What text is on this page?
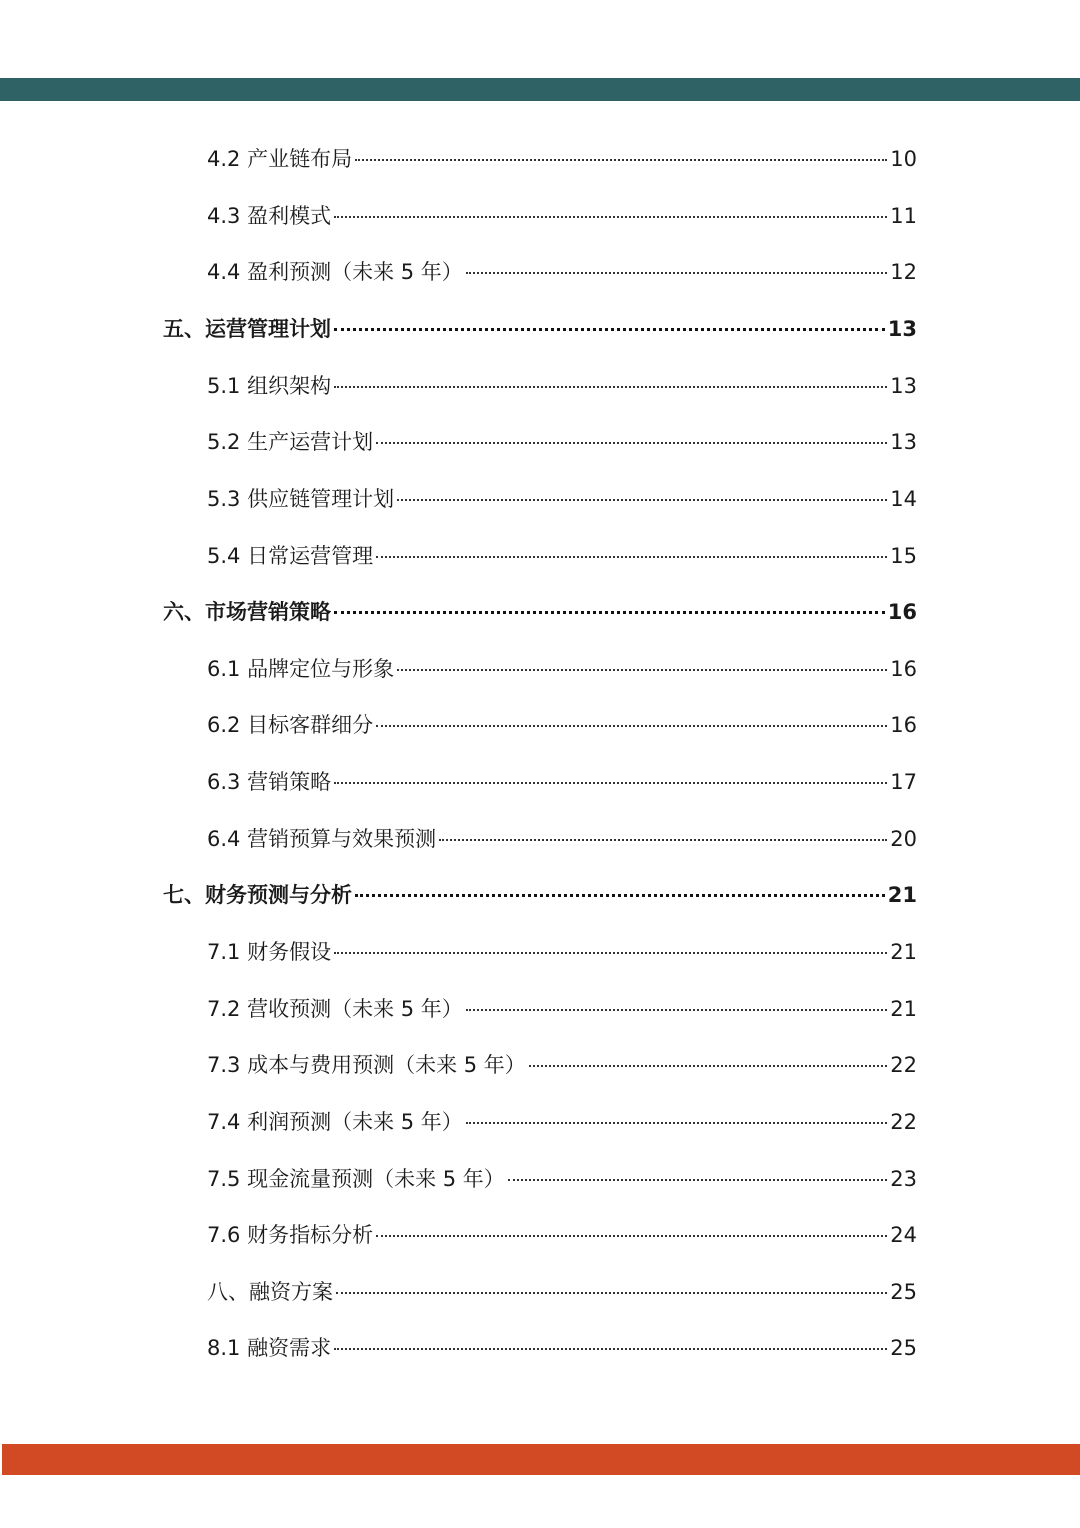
4.2 产业链布局	10
4.3 盈利模式	11
4.4 盈利预测（未来 5 年）	12
五、运营管理计划	13
5.1 组织架构	13
5.2 生产运营计划	13
5.3 供应链管理计划	14
5.4 日常运营管理	15
六、市场营销策略	16
6.1 品牌定位与形象	16
6.2 目标客群细分	16
6.3 营销策略	17
6.4 营销预算与效果预测	20
七、财务预测与分析	21
7.1 财务假设	21
7.2 营收预测（未来 5 年）	21
7.3 成本与费用预测（未来 5 年）	22
7.4 利润预测（未来 5 年）	22
7.5 现金流量预测（未来 5 年）	23
7.6 财务指标分析	24
八、融资方案	25
8.1 融资需求	25
